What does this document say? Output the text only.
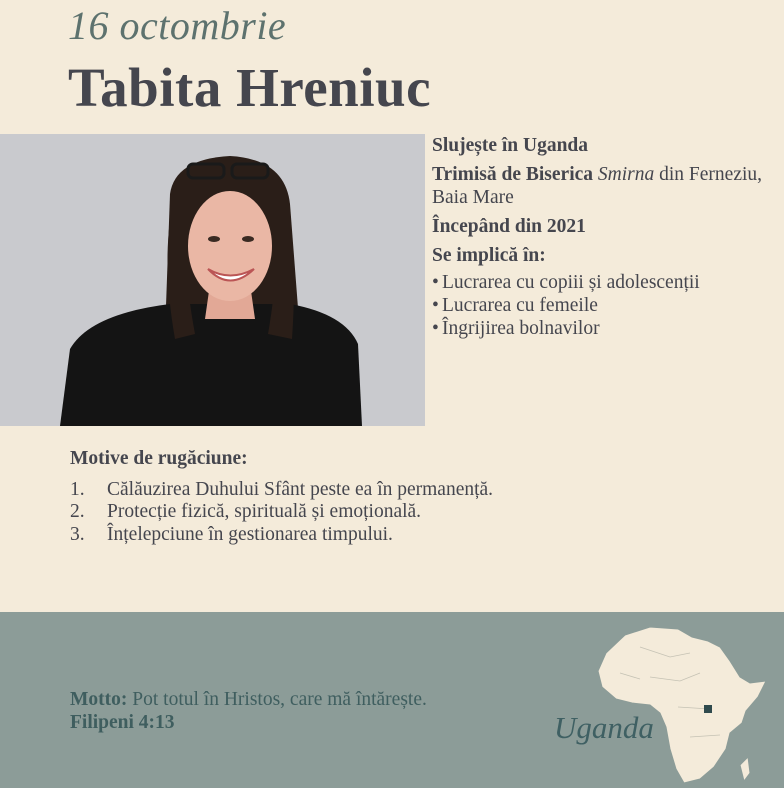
16 octombrie
Tabita Hreniuc

Slujește în Uganda

Trimisă de Biserica Smirna din Ferneziu, Baia Mare

Începând din 2021

Se implică în:

• Lucrarea cu copiii și adolescenții
• Lucrarea cu femeile
• Îngrijirea bolnavilor
Motive de rugăciune:
1.	Călăuzirea Duhului Sfânt peste ea în permanență.
2.	Protecție fizică, spirituală și emoțională.
3.	Înțelepciune în gestionarea timpului.
Motto: Pot totul în Hristos, care mă întărește. Filipeni 4:13	Uganda
